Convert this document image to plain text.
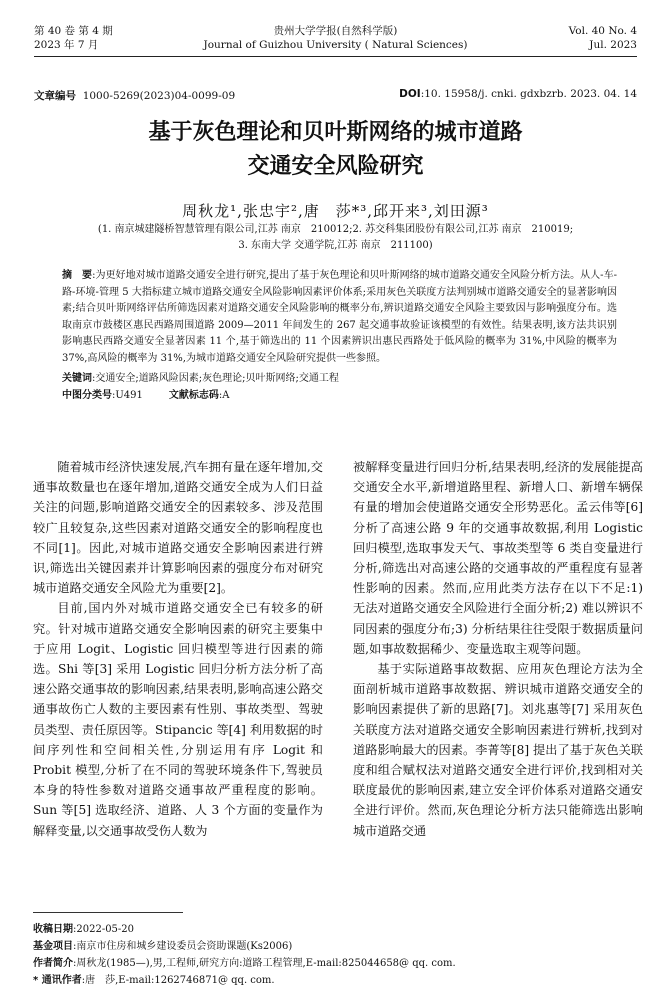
第 40 卷 第 4 期
2023 年 7 月
贵州大学学报(自然科学版)
Journal of Guizhou University ( Natural Sciences)
Vol. 40 No. 4
Jul. 2023
文章编号 1000-5269(2023)04-0099-09	DOI:10. 15958/j. cnki. gdxbzrb. 2023. 04. 14
基于灰色理论和贝叶斯网络的城市道路
交通安全风险研究
周秋龙¹,张忠宇²,唐　莎*³,邱开来³,刘田源³
(1. 南京城建隧桥智慧管理有限公司,江苏 南京　210012;2. 苏交科集团股份有限公司,江苏 南京　210019;
3. 东南大学 交通学院,江苏 南京　211100)
摘　要:为更好地对城市道路交通安全进行研究,提出了基于灰色理论和贝叶斯网络的城市道路交通安全风险分析方法。从人-车-路-环境-管理 5 大指标建立城市道路交通安全风险影响因素评价体系;采用灰色关联度方法判别城市道路交通安全的显著影响因素;结合贝叶斯网络评估所筛选因素对道路交通安全风险影响的概率分布,辨识道路交通安全风险主要致因与影响强度分布。选取南京市鼓楼区惠民西路周围道路 2009—2011 年间发生的 267 起交通事故验证该模型的有效性。结果表明,该方法共识别影响惠民西路交通安全显著因素 11 个,基于筛选出的 11 个因素辨识出惠民西路处于低风险的概率为 31%,中风险的概率为 37%,高风险的概率为 31%,为城市道路交通安全风险研究提供一些参照。
关键词:交通安全;道路风险因素;灰色理论;贝叶斯网络;交通工程
中图分类号:U491	文献标志码:A

随着城市经济快速发展,汽车拥有量在逐年增加,交通事故数量也在逐年增加,道路交通安全成为人们日益关注的问题,影响道路交通安全的因素较多、涉及范围较广且较复杂,这些因素对道路交通安全的影响程度也不同[1]。因此,对城市道路交通安全影响因素进行辨识,筛选出关键因素并计算影响因素的强度分布对研究城市道路交通安全风险尤为重要[2]。

目前,国内外对城市道路交通安全已有较多的研究。针对城市道路交通安全影响因素的研究主要集中于应用 Logit、Logistic 回归模型等进行因素的筛选。Shi 等[3] 采用 Logistic 回归分析方法分析了高速公路交通事故的影响因素,结果表明,影响高速公路交通事故伤亡人数的主要因素有性别、事故类型、驾驶员类型、责任原因等。Stipancic 等[4] 利用数据的时间序列性和空间相关性,分别运用有序 Logit 和 Probit 模型,分析了在不同的驾驶环境条件下,驾驶员本身的特性参数对道路交通事故严重程度的影响。Sun 等[5] 选取经济、道路、人 3 个方面的变量作为解释变量,以交通事故受伤人数为

被解释变量进行回归分析,结果表明,经济的发展能提高交通安全水平,新增道路里程、新增人口、新增车辆保有量的增加会使道路交通安全形势恶化。孟云伟等[6] 分析了高速公路 9 年的交通事故数据,利用 Logistic 回归模型,选取事发天气、事故类型等 6 类自变量进行分析,筛选出对高速公路的交通事故的严重程度有显著性影响的因素。然而,应用此类方法存在以下不足:1) 无法对道路交通安全风险进行全面分析;2) 难以辨识不同因素的强度分布;3) 分析结果往往受限于数据质量问题,如事故数据稀少、变量选取主观等问题。

基于实际道路事故数据、应用灰色理论方法为全面剖析城市道路事故数据、辨识城市道路交通安全的影响因素提供了新的思路[7]。刘兆惠等[7] 采用灰色关联度方法对道路交通安全影响因素进行辨析,找到对道路影响最大的因素。李菁等[8] 提出了基于灰色关联度和组合赋权法对道路交通安全进行评价,找到相对关联度最优的影响因素,建立安全评价体系对道路交通安全进行评价。然而,灰色理论分析方法只能筛选出影响城市道路交通

收稿日期:2022-05-20
基金项目:南京市住房和城乡建设委员会资助课题(Ks2006)
作者简介:周秋龙(1985—),男,工程师,研究方向:道路工程管理,E-mail:825044658@ qq. com.
* 通讯作者:唐　莎,E-mail:1262746871@ qq. com.
